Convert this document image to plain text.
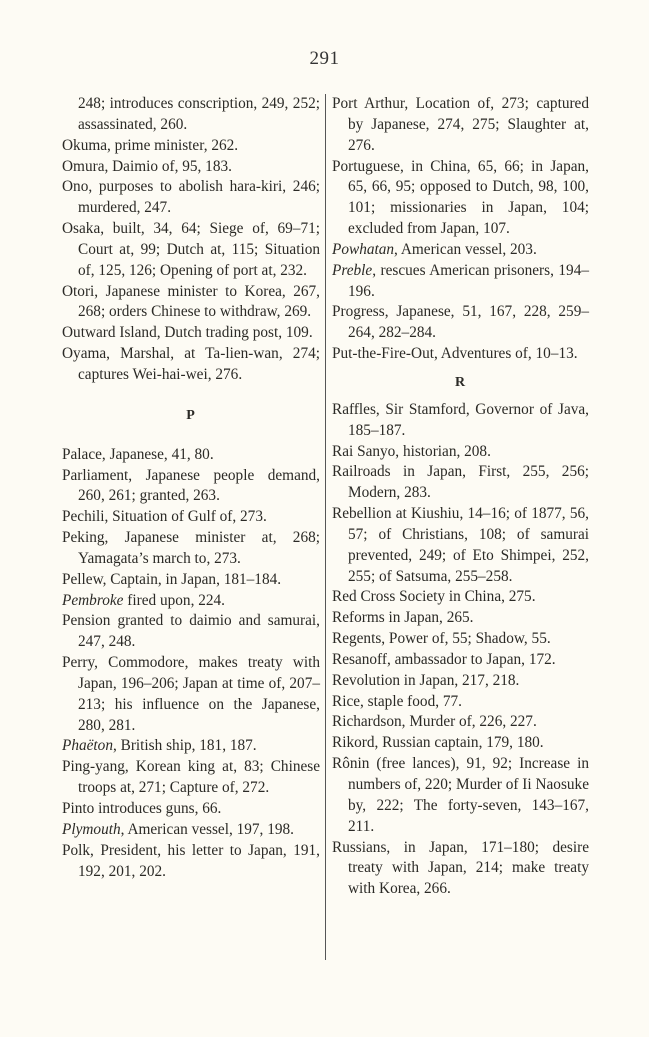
291
248; introduces conscription, 249, 252; assassinated, 260.
Okuma, prime minister, 262.
Omura, Daimio of, 95, 183.
Ono, purposes to abolish hara-kiri, 246; murdered, 247.
Osaka, built, 34, 64; Siege of, 69–71; Court at, 99; Dutch at, 115; Situation of, 125, 126; Opening of port at, 232.
Otori, Japanese minister to Korea, 267, 268; orders Chinese to withdraw, 269.
Outward Island, Dutch trading post, 109.
Oyama, Marshal, at Ta-lien-wan, 274; captures Wei-hai-wei, 276.
P
Palace, Japanese, 41, 80.
Parliament, Japanese people demand, 260, 261; granted, 263.
Pechili, Situation of Gulf of, 273.
Peking, Japanese minister at, 268; Yamagata’s march to, 273.
Pellew, Captain, in Japan, 181–184.
Pembroke fired upon, 224.
Pension granted to daimio and samurai, 247, 248.
Perry, Commodore, makes treaty with Japan, 196–206; Japan at time of, 207–213; his influence on the Japanese, 280, 281.
Phaëton, British ship, 181, 187.
Ping-yang, Korean king at, 83; Chinese troops at, 271; Capture of, 272.
Pinto introduces guns, 66.
Plymouth, American vessel, 197, 198.
Polk, President, his letter to Japan, 191, 192, 201, 202.
Port Arthur, Location of, 273; captured by Japanese, 274, 275; Slaughter at, 276.
Portuguese, in China, 65, 66; in Japan, 65, 66, 95; opposed to Dutch, 98, 100, 101; missionaries in Japan, 104; excluded from Japan, 107.
Powhatan, American vessel, 203.
Preble, rescues American prisoners, 194–196.
Progress, Japanese, 51, 167, 228, 259–264, 282–284.
Put-the-Fire-Out, Adventures of, 10–13.
R
Raffles, Sir Stamford, Governor of Java, 185–187.
Rai Sanyo, historian, 208.
Railroads in Japan, First, 255, 256; Modern, 283.
Rebellion at Kiushiu, 14–16; of 1877, 56, 57; of Christians, 108; of samurai prevented, 249; of Eto Shimpei, 252, 255; of Satsuma, 255–258.
Red Cross Society in China, 275.
Reforms in Japan, 265.
Regents, Power of, 55; Shadow, 55.
Resanoff, ambassador to Japan, 172.
Revolution in Japan, 217, 218.
Rice, staple food, 77.
Richardson, Murder of, 226, 227.
Rikord, Russian captain, 179, 180.
Rônin (free lances), 91, 92; Increase in numbers of, 220; Murder of Ii Naosuke by, 222; The forty-seven, 143–167, 211.
Russians, in Japan, 171–180; desire treaty with Japan, 214; make treaty with Korea, 266.
